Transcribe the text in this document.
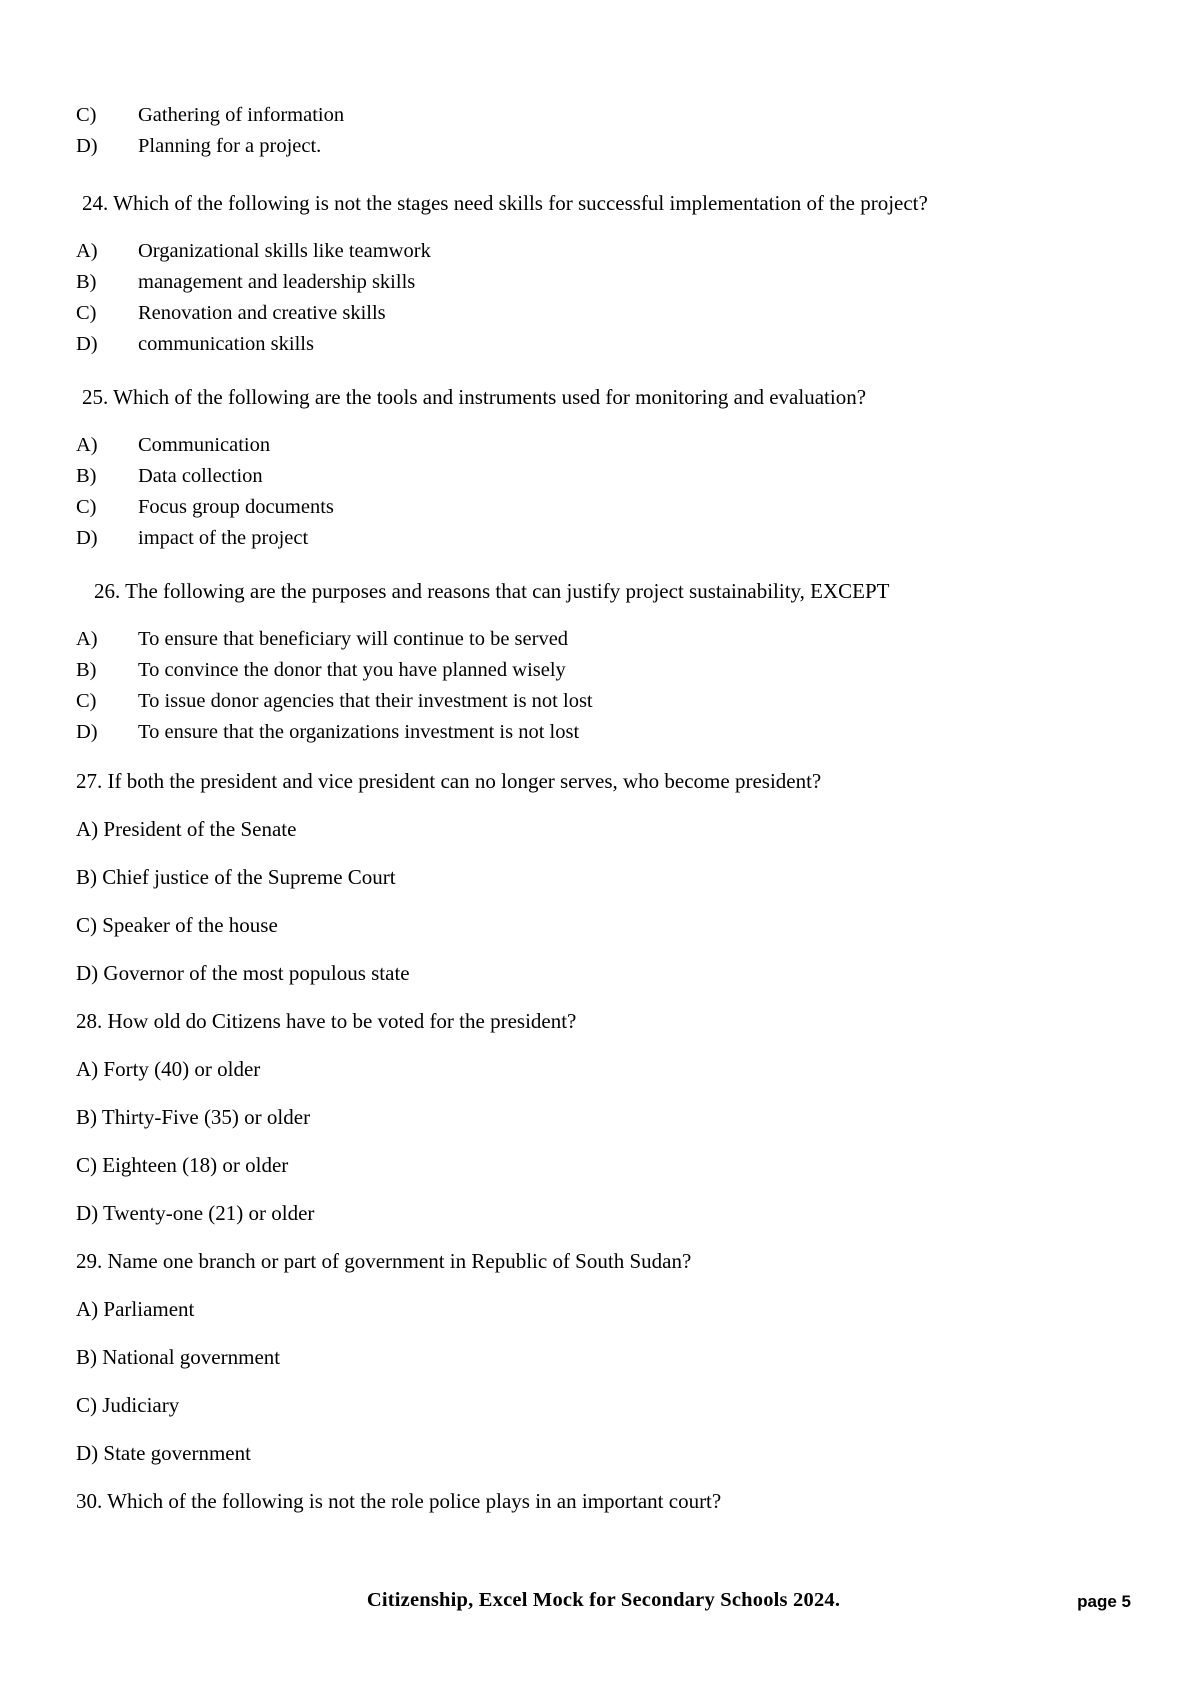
C)	Gathering of information
D)	Planning for a project.
24. Which of the following is not the stages need skills for successful implementation of the project?
A)	Organizational skills like teamwork
B)	management and leadership skills
C)	Renovation and creative skills
D)	communication skills
25. Which of the following are the tools and instruments used for monitoring and evaluation?
A)	Communication
B)	Data collection
C)	Focus group documents
D)	impact of the project
26. The following are the purposes and reasons that can justify project sustainability, EXCEPT
A)	To ensure that beneficiary will continue to be served
B)	To convince the donor that you have planned wisely
C)	To issue donor agencies that their investment is not lost
D)	To ensure that the organizations investment is not lost
27. If both the president and vice president can no longer serves, who become president?
A) President of the Senate
B) Chief justice of the Supreme Court
C) Speaker of the house
D) Governor of the most populous state
28. How old do Citizens have to be voted for the president?
A) Forty (40) or older
B) Thirty-Five (35) or older
C) Eighteen (18) or older
D) Twenty-one (21) or older
29. Name one branch or part of government in Republic of South Sudan?
A) Parliament
B) National government
C) Judiciary
D) State government
30. Which of the following is not the role police plays in an important court?
Citizenship, Excel Mock for Secondary Schools 2024.	page 5
